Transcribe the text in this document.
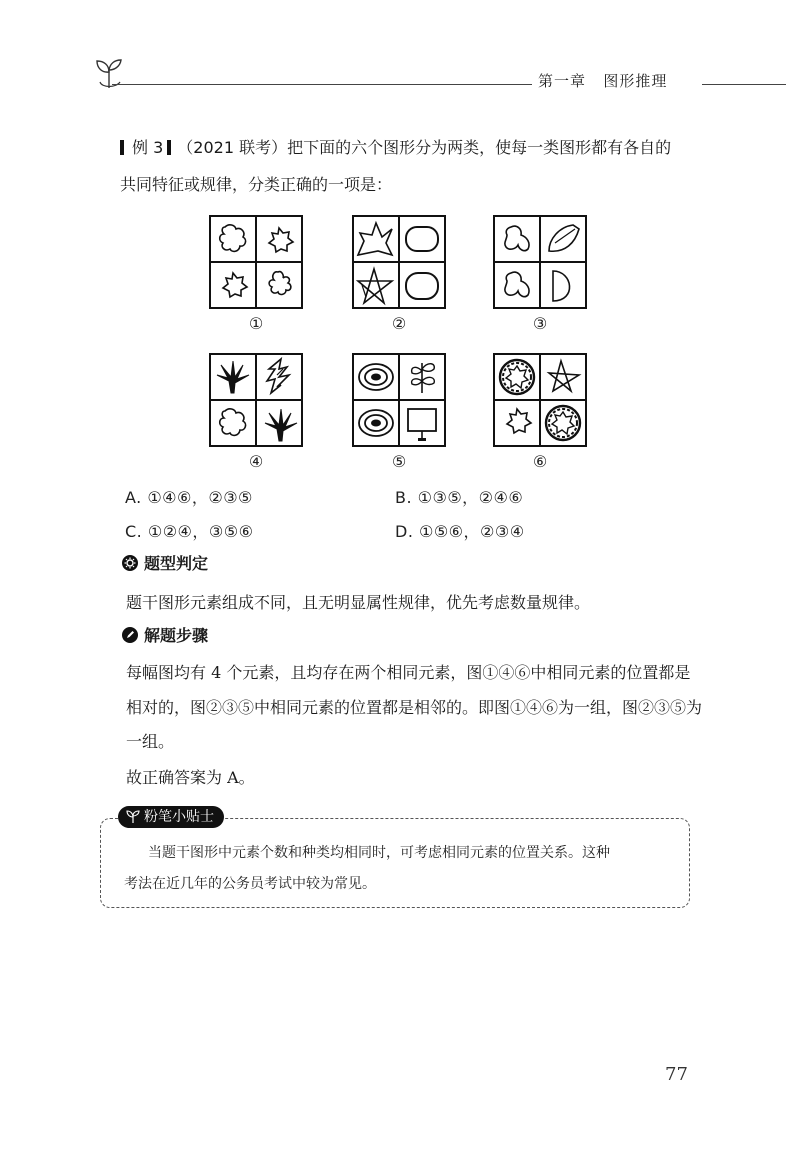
第一章 图形推理
例 3 （2021 联考）把下面的六个图形分为两类，使每一类图形都有各自的
共同特征或规律，分类正确的一项是：
①	②	③
④	⑤	⑥
A. ①④⑥，②③⑤	B. ①③⑤，②④⑥
C. ①②④，③⑤⑥	D. ①⑤⑥，②③④
题型判定
题干图形元素组成不同，且无明显属性规律，优先考虑数量规律。
解题步骤
每幅图均有 4 个元素，且均存在两个相同元素，图①④⑥中相同元素的位置都是
相对的，图②③⑤中相同元素的位置都是相邻的。即图①④⑥为一组，图②③⑤为
一组。
故正确答案为 A。
粉笔小贴士
当题干图形中元素个数和种类均相同时，可考虑相同元素的位置关系。这种
考法在近几年的公务员考试中较为常见。
77
